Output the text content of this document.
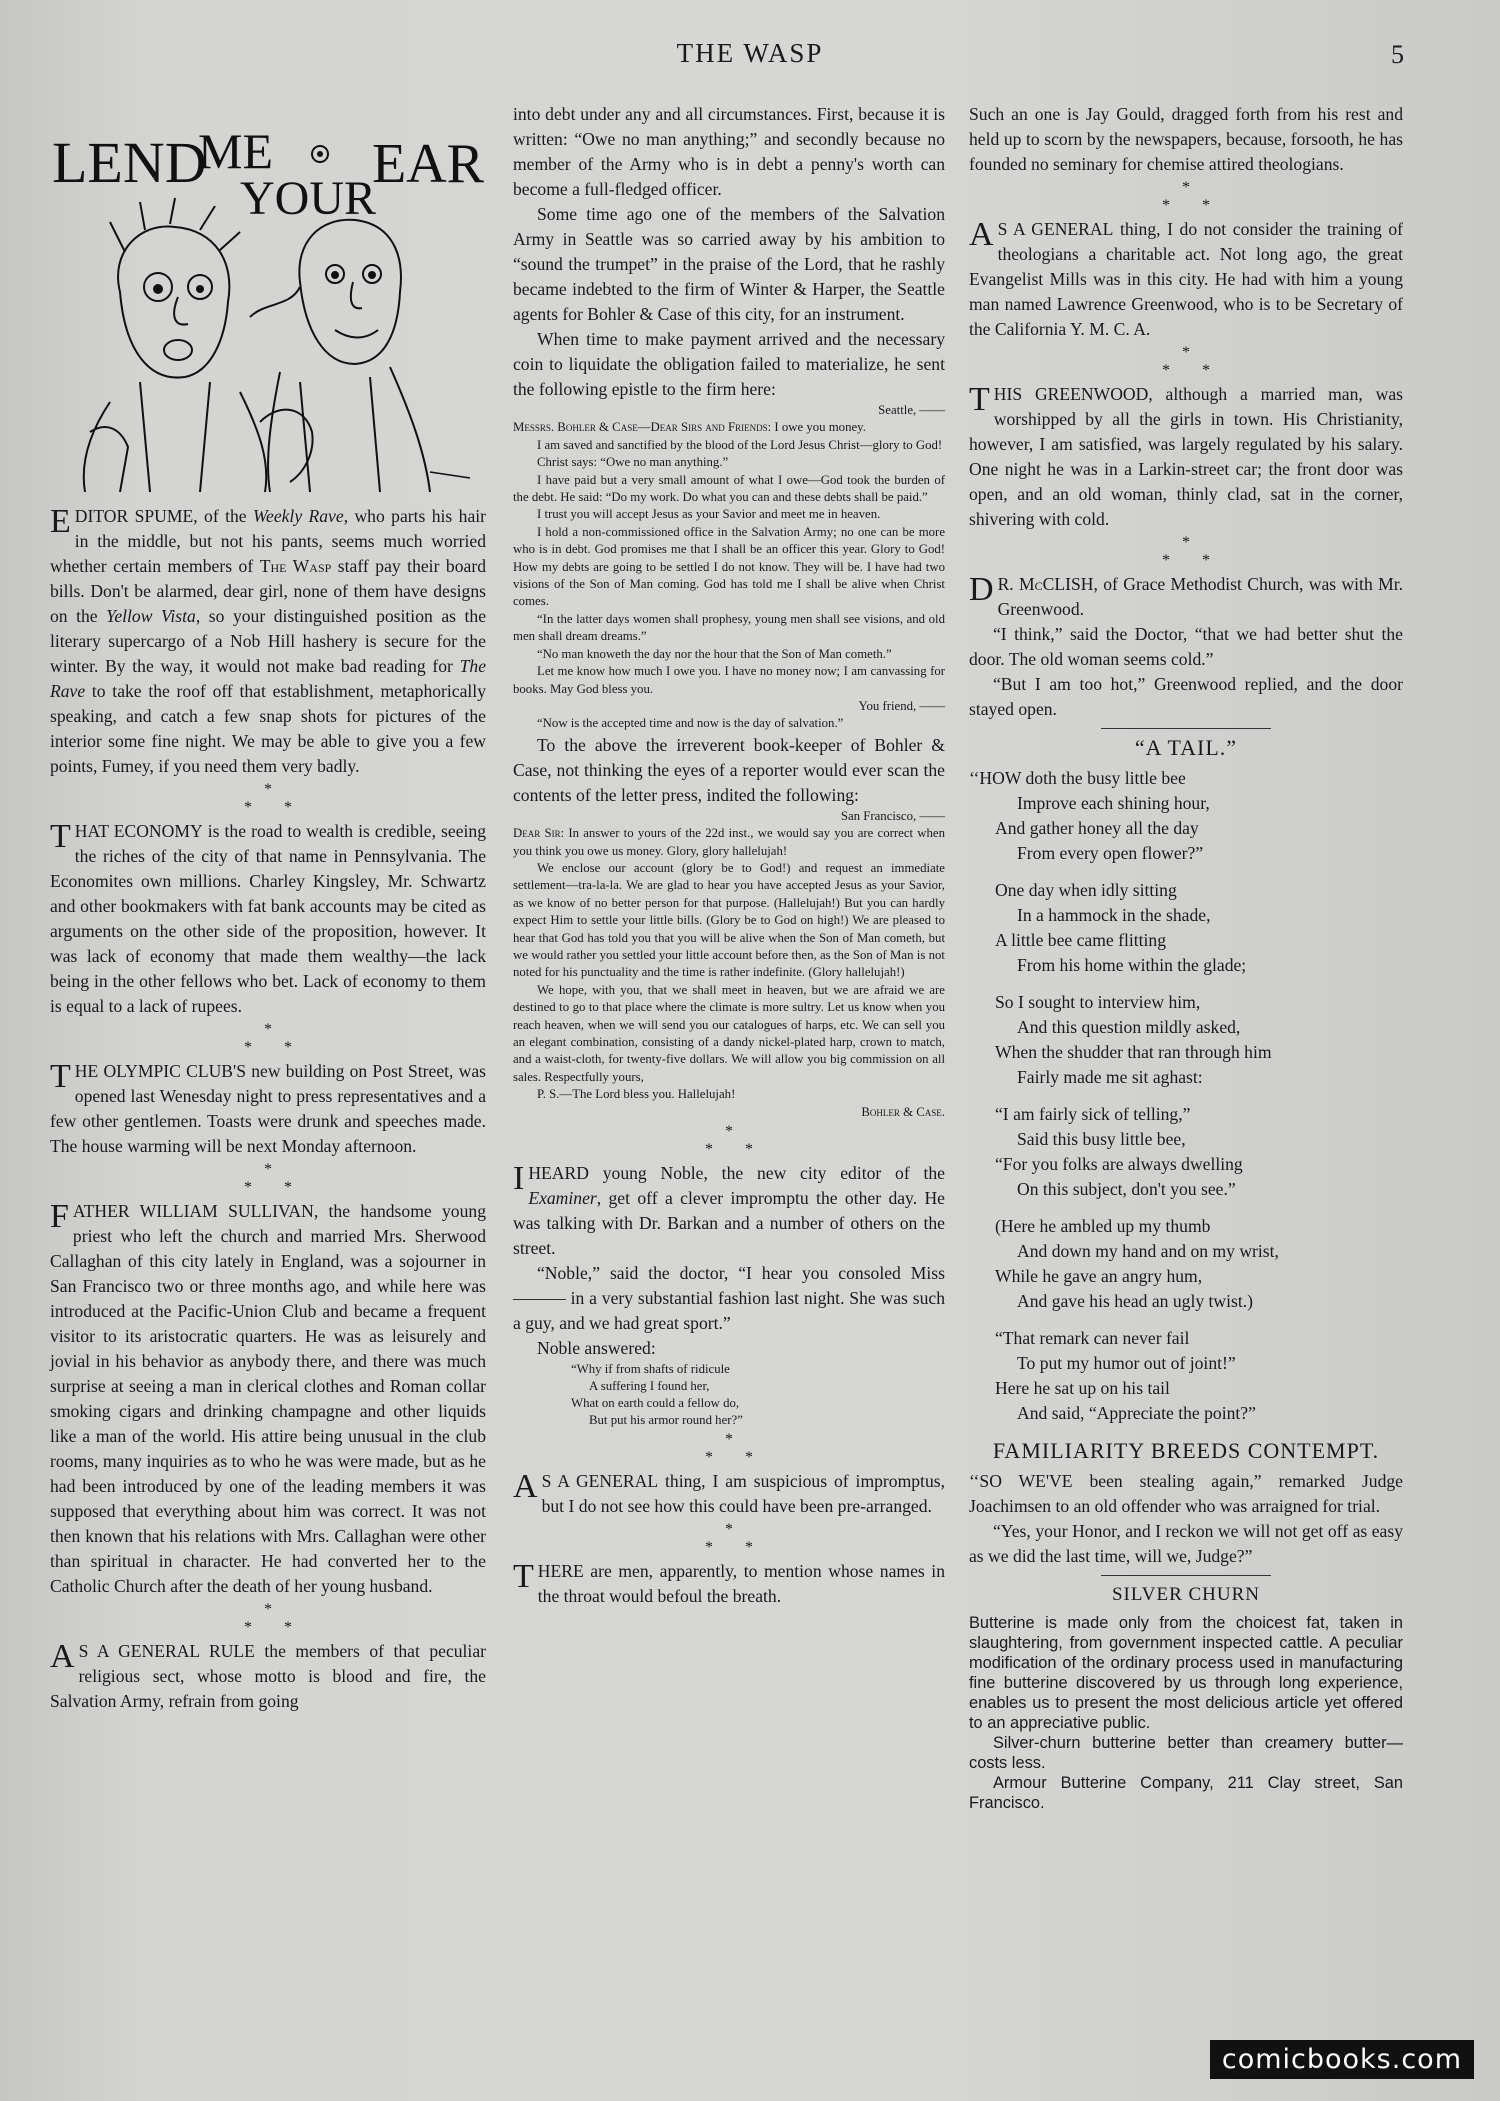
THE WASP	5
LEND
ME
YOUR
EAR

EDITOR SPUME, of the Weekly Rave, who parts his hair in the middle, but not his pants, seems much worried whether certain members of The Wasp staff pay their board bills. Don't be alarmed, dear girl, none of them have designs on the Yellow Vista, so your distinguished position as the literary supercargo of a Nob Hill hashery is secure for the winter. By the way, it would not make bad reading for The Rave to take the roof off that establishment, metaphorically speaking, and catch a few snap shots for pictures of the interior some fine night. We may be able to give you a few points, Fumey, if you need them very badly.

*
* *

THAT ECONOMY is the road to wealth is credible, seeing the riches of the city of that name in Pennsylvania. The Economites own millions. Charley Kingsley, Mr. Schwartz and other bookmakers with fat bank accounts may be cited as arguments on the other side of the proposition, however. It was lack of economy that made them wealthy—the lack being in the other fellows who bet. Lack of economy to them is equal to a lack of rupees.

*
* *

THE OLYMPIC CLUB'S new building on Post Street, was opened last Wenesday night to press representatives and a few other gentlemen. Toasts were drunk and speeches made. The house warming will be next Monday afternoon.

*
* *

FATHER WILLIAM SULLIVAN, the handsome young priest who left the church and married Mrs. Sherwood Callaghan of this city lately in England, was a sojourner in San Francisco two or three months ago, and while here was introduced at the Pacific-Union Club and became a frequent visitor to its aristocratic quarters. He was as leisurely and jovial in his behavior as anybody there, and there was much surprise at seeing a man in clerical clothes and Roman collar smoking cigars and drinking champagne and other liquids like a man of the world. His attire being unusual in the club rooms, many inquiries as to who he was were made, but as he had been introduced by one of the leading members it was supposed that everything about him was correct. It was not then known that his relations with Mrs. Callaghan were other than spiritual in character. He had converted her to the Catholic Church after the death of her young husband.

*
* *

A S A GENERAL RULE the members of that peculiar religious sect, whose motto is blood and fire, the Salvation Army, refrain from going

into debt under any and all circumstances. First, because it is written: “Owe no man anything;” and secondly because no member of the Army who is in debt a penny's worth can become a full-fledged officer.

Some time ago one of the members of the Salvation Army in Seattle was so carried away by his ambition to “sound the trumpet” in the praise of the Lord, that he rashly became indebted to the firm of Winter & Harper, the Seattle agents for Bohler & Case of this city, for an instrument.

When time to make payment arrived and the necessary coin to liquidate the obligation failed to materialize, he sent the following epistle to the firm here:

Seattle, ——

Messrs. Bohler & Case—Dear Sirs and Friends: I owe you money.

I am saved and sanctified by the blood of the Lord Jesus Christ—glory to God!

Christ says: “Owe no man anything.”

I have paid but a very small amount of what I owe—God took the burden of the debt. He said: “Do my work. Do what you can and these debts shall be paid.”

I trust you will accept Jesus as your Savior and meet me in heaven.

I hold a non-commissioned office in the Salvation Army; no one can be more who is in debt. God promises me that I shall be an officer this year. Glory to God! How my debts are going to be settled I do not know. They will be. I have had two visions of the Son of Man coming. God has told me I shall be alive when Christ comes.

“In the latter days women shall prophesy, young men shall see visions, and old men shall dream dreams.”

“No man knoweth the day nor the hour that the Son of Man cometh.”

Let me know how much I owe you. I have no money now; I am canvassing for books. May God bless you.

You friend, ——

“Now is the accepted time and now is the day of salvation.”

To the above the irreverent book-keeper of Bohler & Case, not thinking the eyes of a reporter would ever scan the contents of the letter press, indited the following:

San Francisco, ——

Dear Sir: In answer to yours of the 22d inst., we would say you are correct when you think you owe us money. Glory, glory hallelujah!

We enclose our account (glory be to God!) and request an immediate settlement—tra-la-la. We are glad to hear you have accepted Jesus as your Savior, as we know of no better person for that purpose. (Hallelujah!) But you can hardly expect Him to settle your little bills. (Glory be to God on high!) We are pleased to hear that God has told you that you will be alive when the Son of Man cometh, but we would rather you settled your little account before then, as the Son of Man is not noted for his punctuality and the time is rather indefinite. (Glory hallelujah!)

We hope, with you, that we shall meet in heaven, but we are afraid we are destined to go to that place where the climate is more sultry. Let us know when you reach heaven, when we will send you our catalogues of harps, etc. We can sell you an elegant combination, consisting of a dandy nickel-plated harp, crown to match, and a waist-cloth, for twenty-five dollars. We will allow you big commission on all sales. Respectfully yours,

P. S.—The Lord bless you. Hallelujah!

Bohler & Case.

*
* *

I HEARD young Noble, the new city editor of the Examiner, get off a clever impromptu the other day. He was talking with Dr. Barkan and a number of others on the street.

“Noble,” said the doctor, “I hear you consoled Miss ——— in a very substantial fashion last night. She was such a guy, and we had great sport.”

Noble answered:

“Why if from shafts of ridicule
A suffering I found her,
What on earth could a fellow do,
But put his armor round her?”
*
* *

A S A GENERAL thing, I am suspicious of impromptus, but I do not see how this could have been pre-arranged.

*
* *

THERE are men, apparently, to mention whose names in the throat would befoul the breath.

Such an one is Jay Gould, dragged forth from his rest and held up to scorn by the newspapers, because, forsooth, he has founded no seminary for chemise attired theologians.

*
* *

A S A GENERAL thing, I do not consider the training of theologians a charitable act. Not long ago, the great Evangelist Mills was in this city. He had with him a young man named Lawrence Greenwood, who is to be Secretary of the California Y. M. C. A.

*
* *

THIS GREENWOOD, although a married man, was worshipped by all the girls in town. His Christianity, however, I am satisfied, was largely regulated by his salary. One night he was in a Larkin-street car; the front door was open, and an old woman, thinly clad, sat in the corner, shivering with cold.

*
* *

D R. McCLISH, of Grace Methodist Church, was with Mr. Greenwood.

“I think,” said the Doctor, “that we had better shut the door. The old woman seems cold.”

“But I am too hot,” Greenwood replied, and the door stayed open.

“A TAIL.”
‘‘HOW doth the busy little bee
Improve each shining hour,
And gather honey all the day
From every open flower?”
One day when idly sitting
In a hammock in the shade,
A little bee came flitting
From his home within the glade;
So I sought to interview him,
And this question mildly asked,
When the shudder that ran through him
Fairly made me sit aghast:
“I am fairly sick of telling,”
Said this busy little bee,
“For you folks are always dwelling
On this subject, don't you see.”
(Here he ambled up my thumb
And down my hand and on my wrist,
While he gave an angry hum,
And gave his head an ugly twist.)
“That remark can never fail
To put my humor out of joint!”
Here he sat up on his tail
And said, “Appreciate the point?”
FAMILIARITY BREEDS CONTEMPT.

‘‘SO WE'VE been stealing again,” remarked Judge Joachimsen to an old offender who was arraigned for trial.

“Yes, your Honor, and I reckon we will not get off as easy as we did the last time, will we, Judge?”

SILVER CHURN

Butterine is made only from the choicest fat, taken in slaughtering, from government inspected cattle. A peculiar modification of the ordinary process used in manufacturing fine butterine discovered by us through long experience, enables us to present the most delicious article yet offered to an appreciative public.

Silver-churn butterine better than creamery butter—costs less.

Armour Butterine Company, 211 Clay street, San Francisco.

comicbooks.com
